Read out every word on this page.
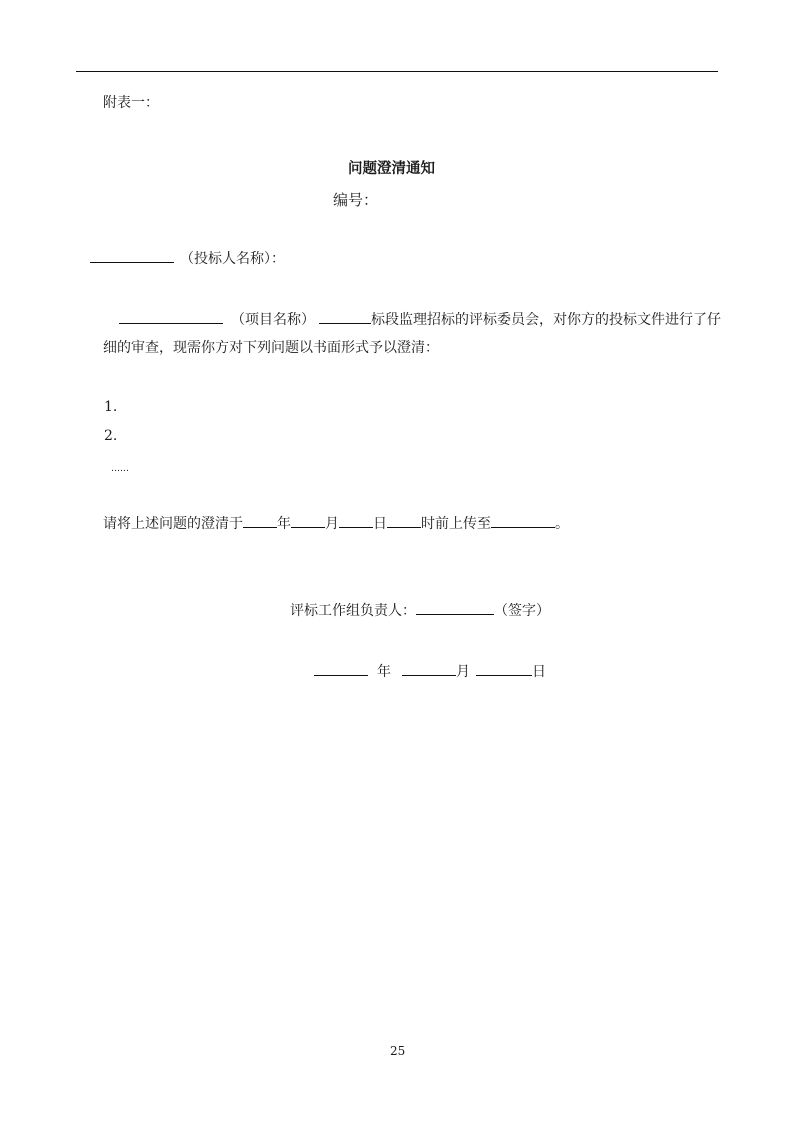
附表一：
问题澄清通知
编号：
（投标人名称）：
（项目名称）	标段监理招标的评标委员会，对你方的投标文件进行了仔
细的审查，现需你方对下列问题以书面形式予以澄清：
1.
2.
……
请将上述问题的澄清于 年 月 日 时前上传至	。
评标工作组负责人：	（签字）
年	月	日
25
